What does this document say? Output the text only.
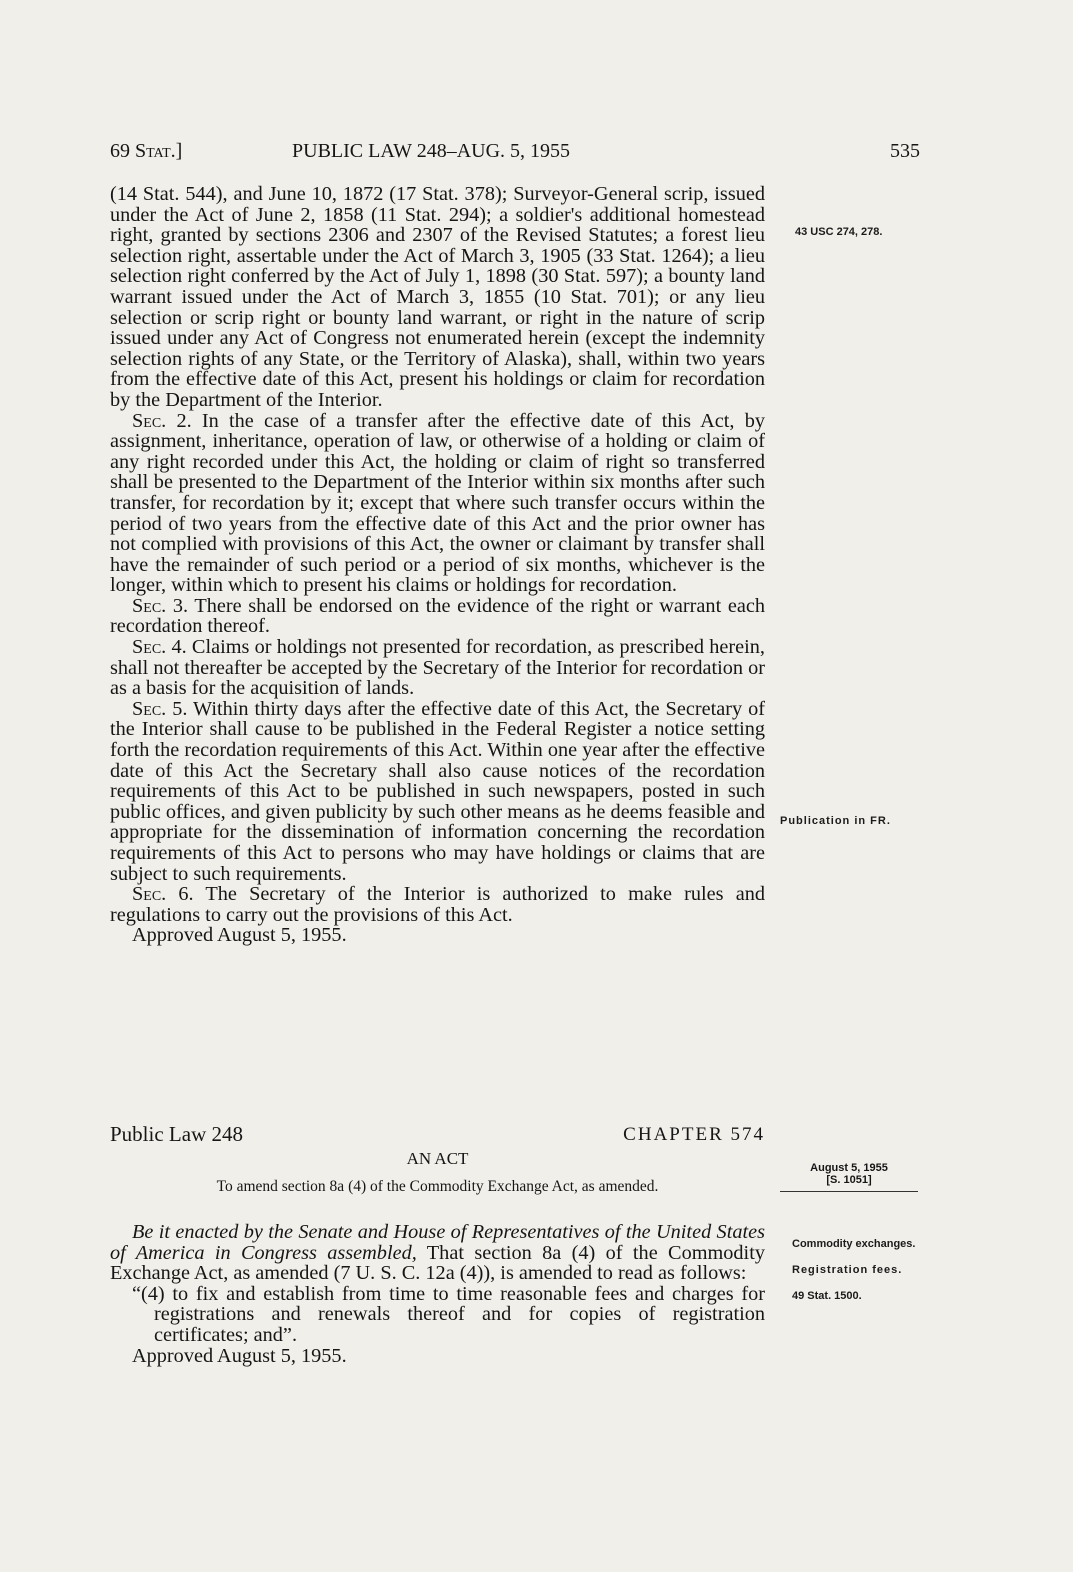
69 Stat.]	PUBLIC LAW 248–AUG. 5, 1955	535

(14 Stat. 544), and June 10, 1872 (17 Stat. 378); Surveyor-General scrip, issued under the Act of June 2, 1858 (11 Stat. 294); a soldier's additional homestead right, granted by sections 2306 and 2307 of the Revised Statutes; a forest lieu selection right, assertable under the Act of March 3, 1905 (33 Stat. 1264); a lieu selection right conferred by the Act of July 1, 1898 (30 Stat. 597); a bounty land warrant issued under the Act of March 3, 1855 (10 Stat. 701); or any lieu selection or scrip right or bounty land warrant, or right in the nature of scrip issued under any Act of Congress not enumerated herein (except the indemnity selection rights of any State, or the Territory of Alaska), shall, within two years from the effective date of this Act, present his holdings or claim for recordation by the Department of the Interior.

Sec. 2. In the case of a transfer after the effective date of this Act, by assignment, inheritance, operation of law, or otherwise of a holding or claim of any right recorded under this Act, the holding or claim of right so transferred shall be presented to the Department of the Interior within six months after such transfer, for recordation by it; except that where such transfer occurs within the period of two years from the effective date of this Act and the prior owner has not complied with provisions of this Act, the owner or claimant by transfer shall have the remainder of such period or a period of six months, whichever is the longer, within which to present his claims or holdings for recordation.

Sec. 3. There shall be endorsed on the evidence of the right or warrant each recordation thereof.

Sec. 4. Claims or holdings not presented for recordation, as prescribed herein, shall not thereafter be accepted by the Secretary of the Interior for recordation or as a basis for the acquisition of lands.

Sec. 5. Within thirty days after the effective date of this Act, the Secretary of the Interior shall cause to be published in the Federal Register a notice setting forth the recordation requirements of this Act. Within one year after the effective date of this Act the Secretary shall also cause notices of the recordation requirements of this Act to be published in such newspapers, posted in such public offices, and given publicity by such other means as he deems feasible and appropriate for the dissemination of information concerning the recordation requirements of this Act to persons who may have holdings or claims that are subject to such requirements.

Sec. 6. The Secretary of the Interior is authorized to make rules and regulations to carry out the provisions of this Act.

Approved August 5, 1955.

43 USC 274, 278.
Publication in FR.
Public Law 248	CHAPTER 574
AN ACT
To amend section 8a (4) of the Commodity Exchange Act, as amended.
August 5, 1955
[S. 1051]

Be it enacted by the Senate and House of Representatives of the United States of America in Congress assembled, That section 8a (4) of the Commodity Exchange Act, as amended (7 U. S. C. 12a (4)), is amended to read as follows:

“(4) to fix and establish from time to time reasonable fees and charges for registrations and renewals thereof and for copies of registration certificates; and”.

Approved August 5, 1955.

Commodity exchanges.
Registration fees.
49 Stat. 1500.
